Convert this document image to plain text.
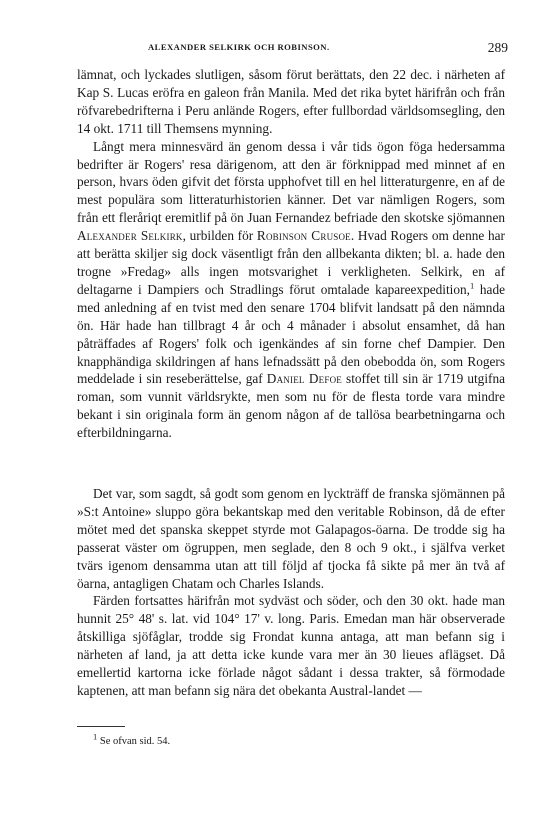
ALEXANDER SELKIRK OCH ROBINSON.	289

lämnat, och lyckades slutligen, såsom förut berättats, den 22 dec. i närheten af Kap S. Lucas eröfra en galeon från Manila. Med det rika bytet härifrån och från röfvarebedrifterna i Peru anlände Rogers, efter fullbordad världsomsegling, den 14 okt. 1711 till Themsens mynning.

Långt mera minnesvärd än genom dessa i vår tids ögon föga hedersamma bedrifter är Rogers' resa därigenom, att den är förknippad med minnet af en person, hvars öden gifvit det första upphofvet till en hel litteraturgenre, en af de mest populära som litteraturhistorien känner. Det var nämligen Rogers, som från ett fleråriqt eremitlif på ön Juan Fernandez befriade den skotske sjömannen Alexander Selkirk, urbilden för Robinson Crusoe. Hvad Rogers om denne har att berätta skiljer sig dock väsentligt från den allbekanta dikten; bl. a. hade den trogne »Fredag» alls ingen motsvarighet i verkligheten. Selkirk, en af deltagarne i Dampiers och Stradlings förut omtalade kapareexpedition,$^1$ hade med anledning af en tvist med den senare 1704 blifvit landsatt på den nämnda ön. Här hade han tillbragt 4 år och 4 månader i absolut ensamhet, då han påträffades af Rogers' folk och igenkändes af sin forne chef Dampier. Den knapphändiga skildringen af hans lefnadssätt på den obebodda ön, som Rogers meddelade i sin reseberättelse, gaf Daniel Defoe stoffet till sin är 1719 utgifna roman, som vunnit världsrykte, men som nu för de flesta torde vara mindre bekant i sin originala form än genom någon af de tallösa bearbetningarna och efterbildningarna.

Det var, som sagdt, så godt som genom en lyckträff de franska sjömännen på »S:t Antoine» sluppo göra bekantskap med den veritable Robinson, då de efter mötet med det spanska skeppet styrde mot Galapagos-öarna. De trodde sig ha passerat väster om ögruppen, men seglade, den 8 och 9 okt., i själfva verket tvärs igenom densamma utan att till följd af tjocka få sikte på mer än två af öarna, antagligen Chatam och Charles Islands.

Färden fortsattes härifrån mot sydväst och söder, och den 30 okt. hade man hunnit 25° 48' s. lat. vid 104° 17' v. long. Paris. Emedan man här observerade åtskilliga sjöfåglar, trodde sig Frondat kunna antaga, att man befann sig i närheten af land, ja att detta icke kunde vara mer än 30 lieues aflägset. Då emellertid kartorna icke förlade något sådant i dessa trakter, så förmodade kaptenen, att man befann sig nära det obekanta Austral-landet —

$^1$ Se ofvan sid. 54.
